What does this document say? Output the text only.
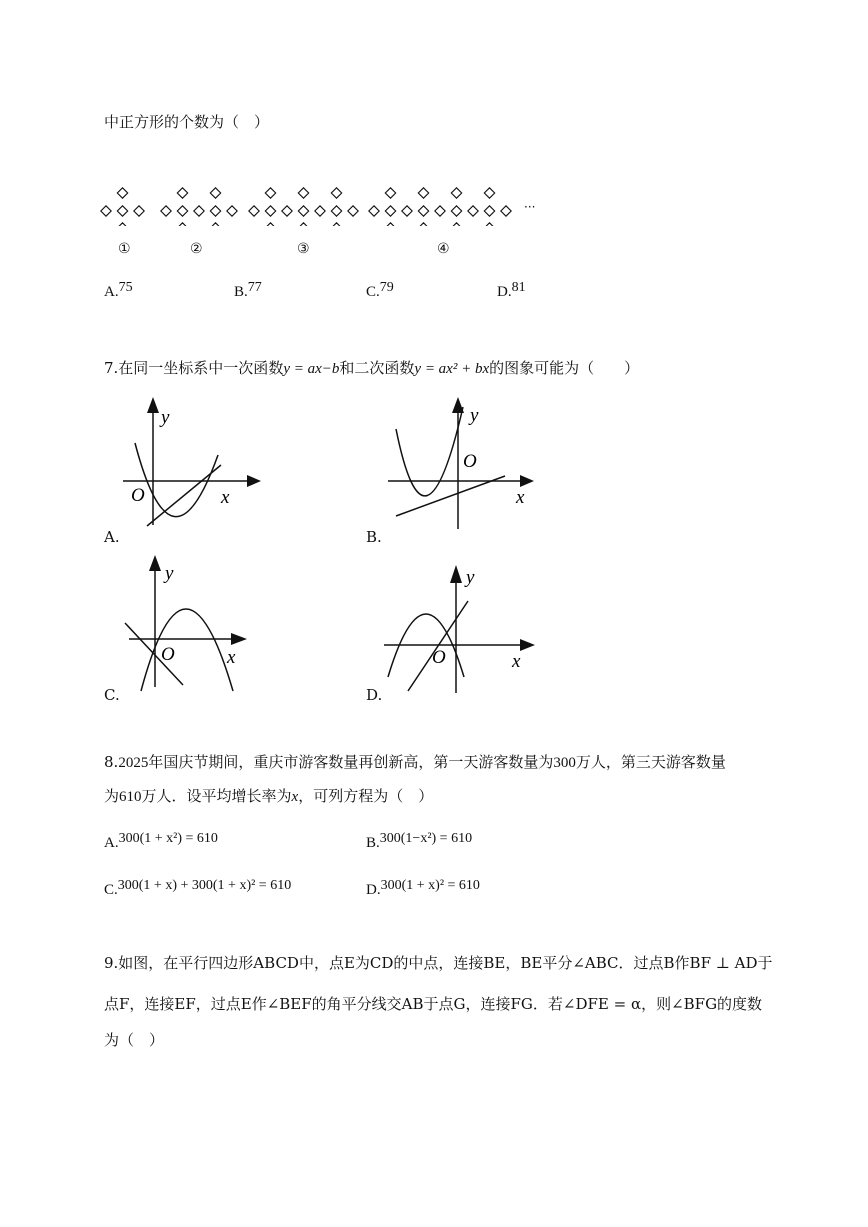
中正方形的个数为（　）
···
①	②	③	④
A.75	B.77	C.79	D.81
7.在同一坐标系中一次函数y = ax−b和二次函数y = ax² + bx的图象可能为（　　）
y
x
O
A.
y
x
O
B.
y
x
O
C.
y
x
O
D.
8.2025年国庆节期间，重庆市游客数量再创新高，第一天游客数量为300万人，第三天游客数量
为610万人．设平均增长率为x，可列方程为（　）
A.300(1 + x²) = 610	B.300(1−x²) = 610
C.300(1 + x) + 300(1 + x)² = 610	D.300(1 + x)² = 610
9.如图，在平行四边形ABCD中，点E为CD的中点，连接BE，BE平分∠ABC．过点B作BF ⊥ AD于
点F，连接EF，过点E作∠BEF的角平分线交AB于点G，连接FG．若∠DFE = α，则∠BFG的度数
为（　）
